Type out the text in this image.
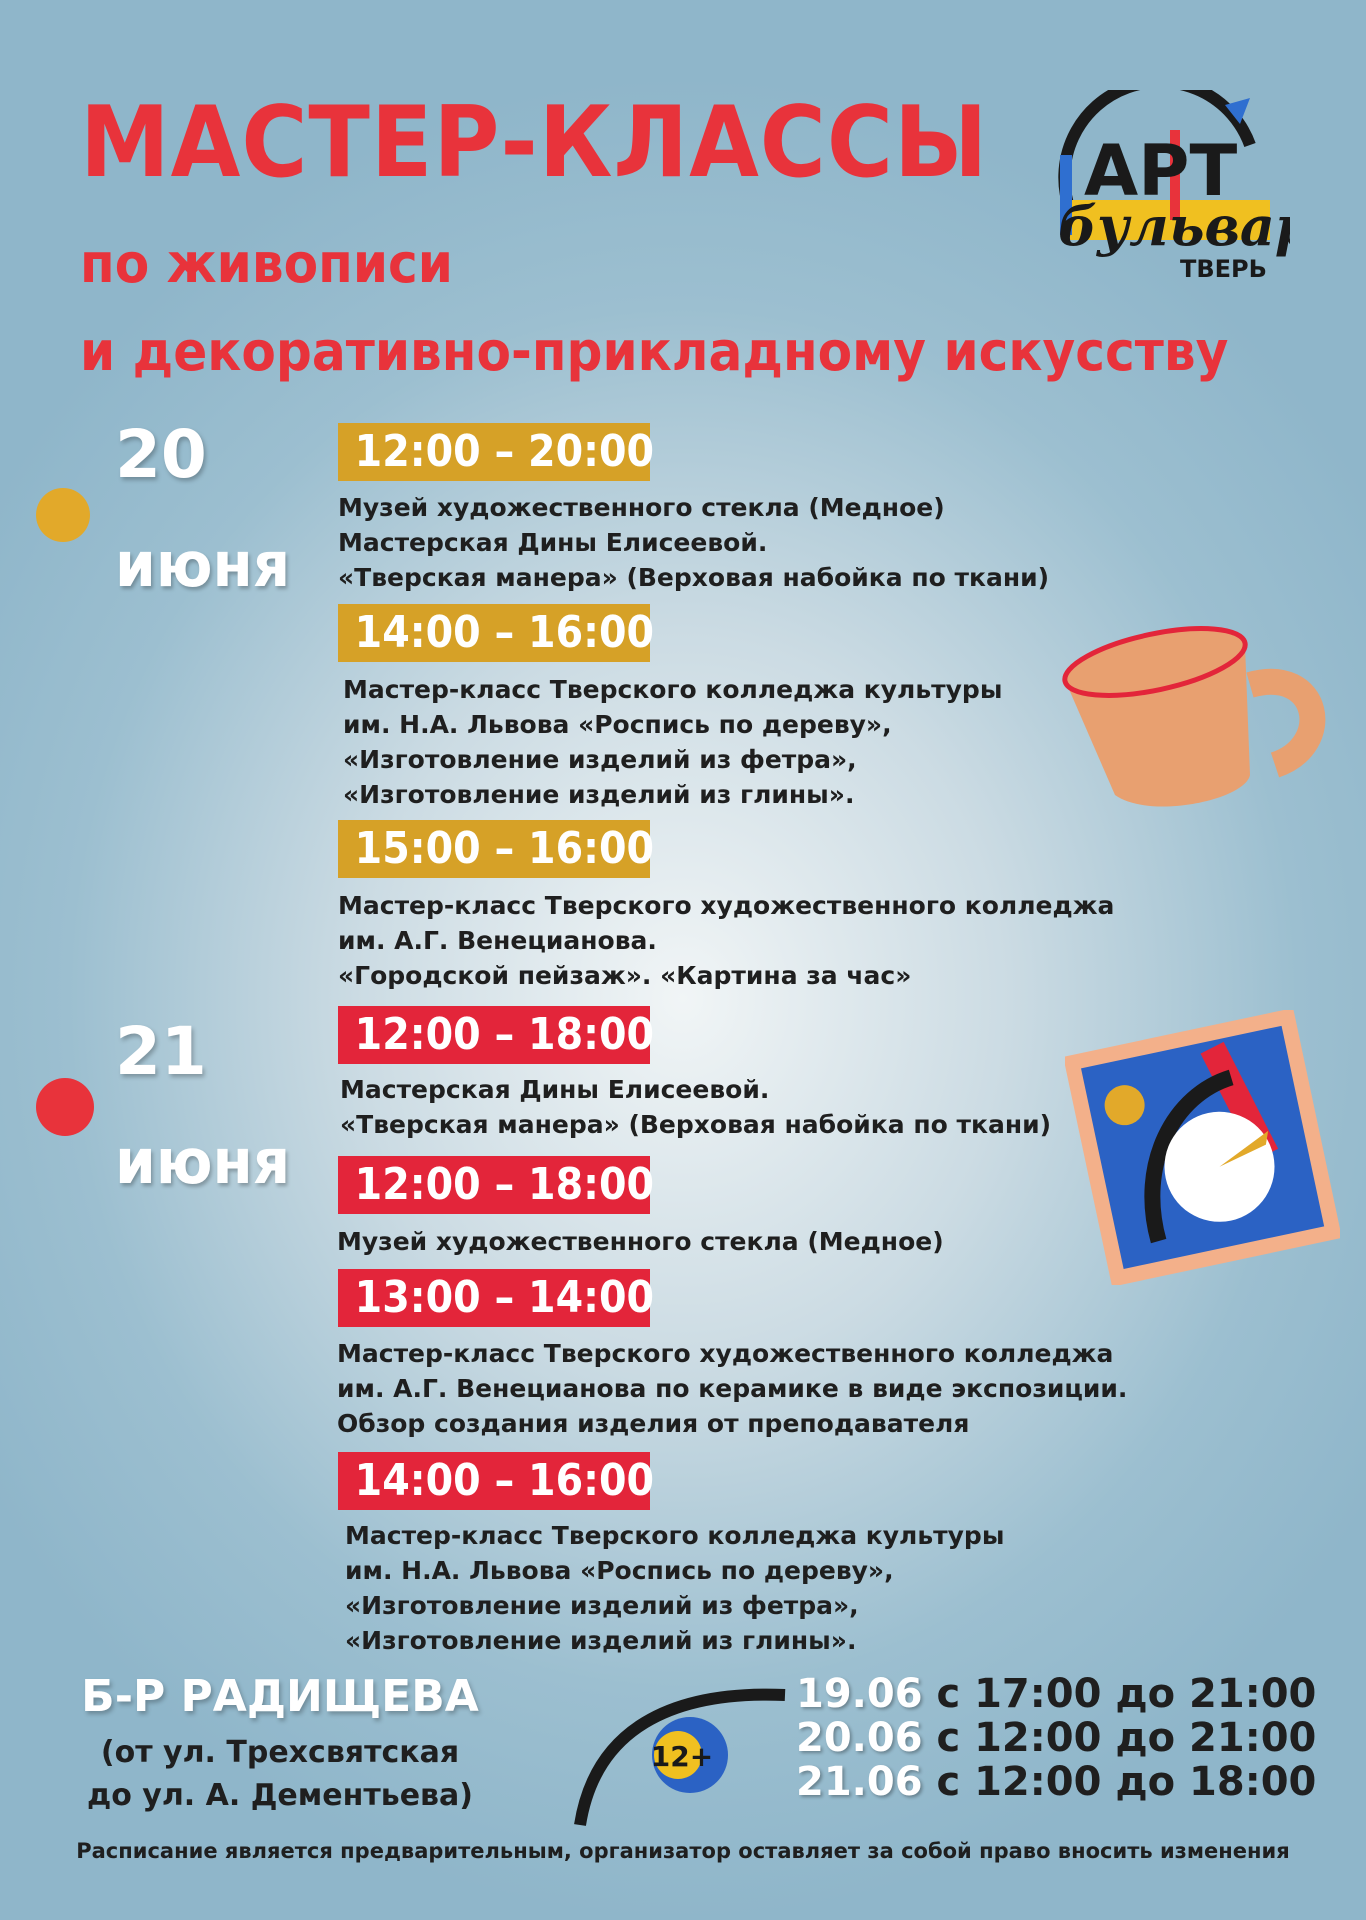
МАСТЕР-КЛАССЫ

по живописи

и декоративно-прикладному искусству

АРТ
бульвар
ТВЕРЬ
20
июня
12:00 – 20:00
Музей художественного стекла (Медное)
Мастерская Дины Елисеевой.
«Тверская манера» (Верховая набойка по ткани)
14:00 – 16:00
Мастер-класс Тверского колледжа культуры
им. Н.А. Львова «Роспись по дереву»,
«Изготовление изделий из фетра»,
«Изготовление изделий из глины».
15:00 – 16:00
Мастер-класс Тверского художественного колледжа
им. А.Г. Венецианова.
«Городской пейзаж». «Картина за час»
21
июня
12:00 – 18:00
Мастерская Дины Елисеевой.
«Тверская манера» (Верховая набойка по ткани)
12:00 – 18:00
Музей художественного стекла (Медное)
13:00 – 14:00
Мастер-класс Тверского художественного колледжа
им. А.Г. Венецианова по керамике в виде экспозиции.
Обзор создания изделия от преподавателя
14:00 – 16:00
Мастер-класс Тверского колледжа культуры
им. Н.А. Львова «Роспись по дереву»,
«Изготовление изделий из фетра»,
«Изготовление изделий из глины».
Б-Р РАДИЩЕВА
(от ул. Трехсвятская
до ул. А. Дементьева)
12+
19.06 с 17:00 до 21:00
20.06 с 12:00 до 21:00
21.06 с 12:00 до 18:00
Расписание является предварительным, организатор оставляет за собой право вносить изменения
